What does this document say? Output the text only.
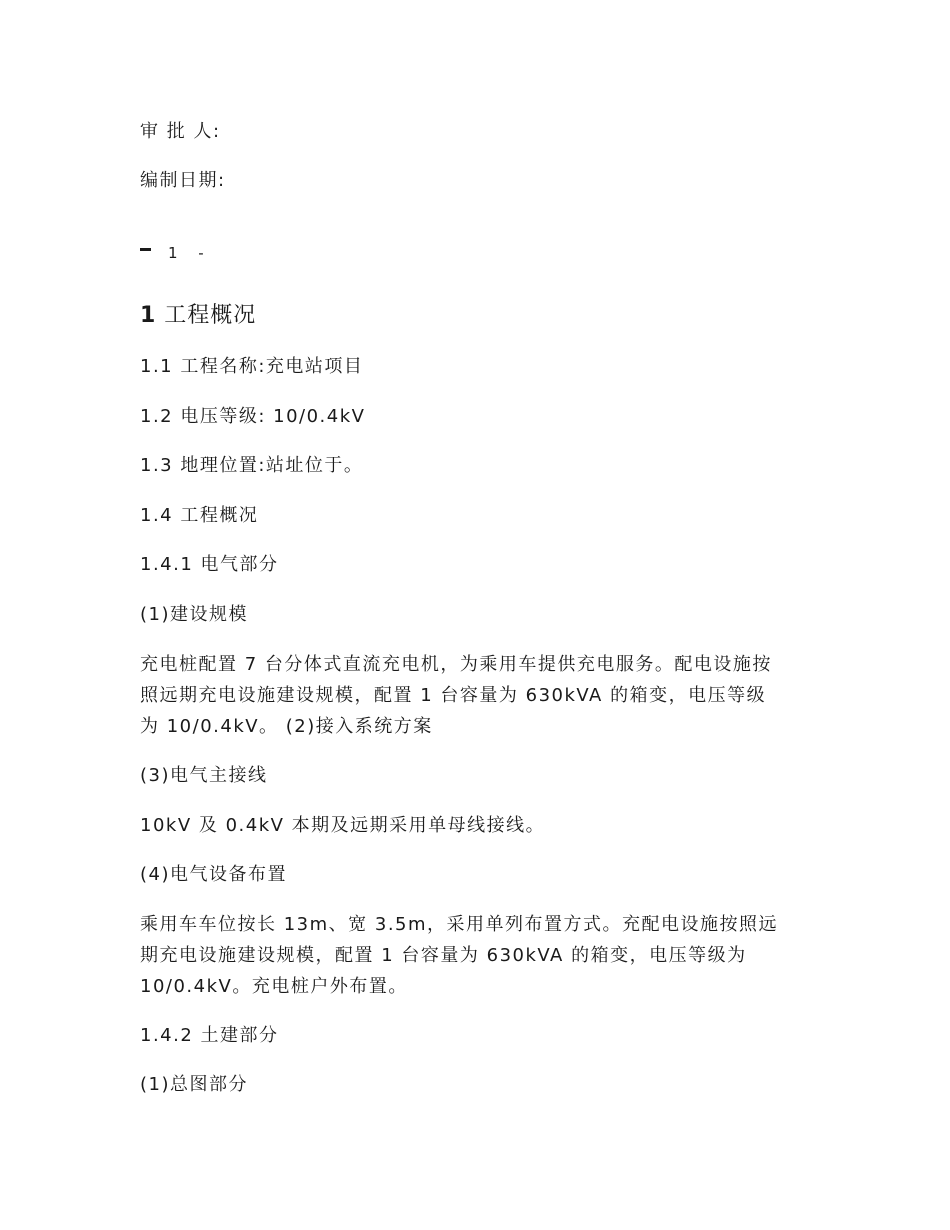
审 批 人:
编制日期:
1 -
1 工程概况
1.1 工程名称:充电站项目
1.2 电压等级: 10/0.4kV
1.3 地理位置:站址位于。
1.4 工程概况
1.4.1 电气部分
(1)建设规模
充电桩配置 7 台分体式直流充电机，为乘用车提供充电服务。配电设施按
照远期充电设施建设规模，配置 1 台容量为 630kVA 的箱变，电压等级
为 10/0.4kV。 (2)接入系统方案
(3)电气主接线
10kV 及 0.4kV 本期及远期采用单母线接线。
(4)电气设备布置
乘用车车位按长 13m、宽 3.5m，采用单列布置方式。充配电设施按照远
期充电设施建设规模，配置 1 台容量为 630kVA 的箱变，电压等级为
10/0.4kV。充电桩户外布置。
1.4.2 土建部分
(1)总图部分
